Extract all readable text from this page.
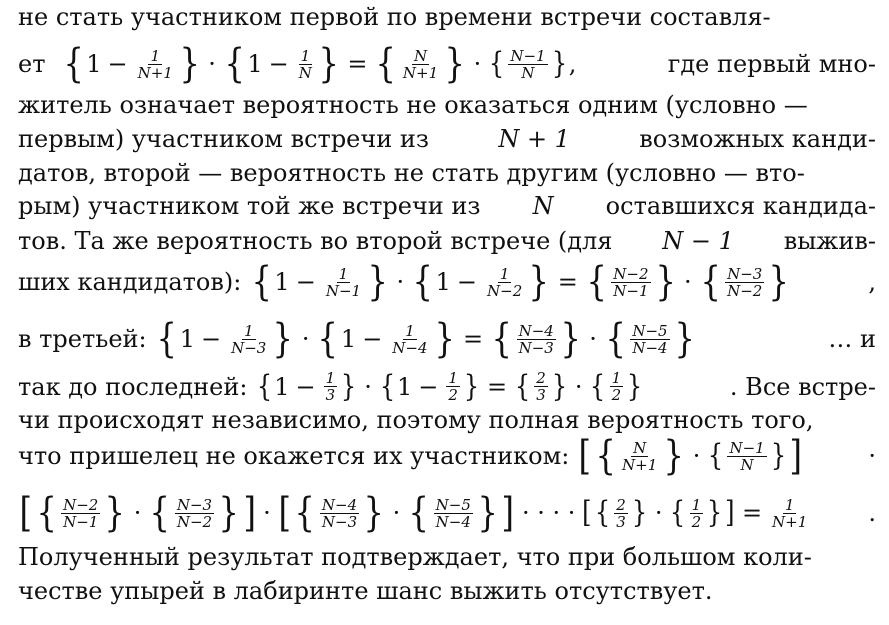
не стать участником первой по времени встречи составля-
ет
{ $1 - \frac{1}{N+1}$ } · { $1 - \frac{1}{N}$ } = { $\frac{N}{N+1}$ } · { $\frac{N-1}{N}$ } ,	где первый мно-
житель означает вероятность не оказаться одним (условно —
первым) участником встречи из	N + 1	возможных канди-
датов, второй — вероятность не стать другим (условно — вто-
рым) участником той же встречи из N оставшихся кандида-
тов. Та же вероятность во второй встрече (для N − 1 выжив-
ших кандидатов):
{ $1 - \frac{1}{N-1}$ } · { $1 - \frac{1}{N-2}$ } = { $\frac{N-2}{N-1}$ } · { $\frac{N-3}{N-2}$ }	,
в третьей:
{ $1 - \frac{1}{N-3}$ } · { $1 - \frac{1}{N-4}$ } = { $\frac{N-4}{N-3}$ } · { $\frac{N-5}{N-4}$ }	… и
так до последней:
{ $1 - \frac{1}{3}$ } · { $1 - \frac{1}{2}$ } = { $\frac{2}{3}$ } · { $\frac{1}{2}$ }	. Все встре-
чи происходят независимо, поэтому полная вероятность того,
что пришелец не окажется их участником:
[ { $\frac{N}{N+1}$ } · { $\frac{N-1}{N}$ } ]	·
[ { $\frac{N-2}{N-1}$ } · { $\frac{N-3}{N-2}$ } ] · [ { $\frac{N-4}{N-3}$ } · { $\frac{N-5}{N-4}$ } ] · · · · [ { $\frac{2}{3}$ } · { $\frac{1}{2}$ } ] = $\frac{1}{N+1}$ .
Полученный результат подтверждает, что при большом коли-
честве упырей в лабиринте шанс выжить отсутствует.
